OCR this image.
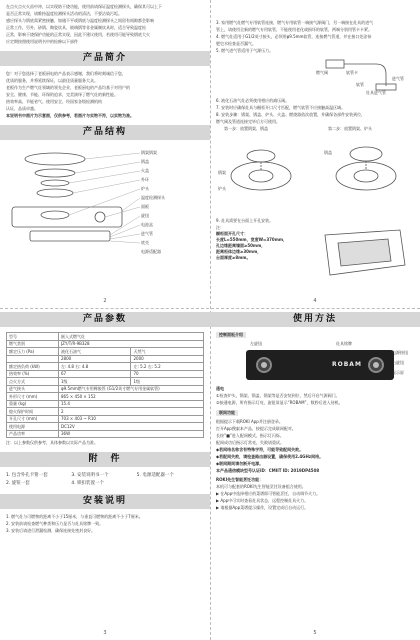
在点火点火火苗中冲，以实现防干烧功能，使用前请保证温度检测探头，确保其可以上下

是否正常实现，请维持温度检测探头活动的清洁，不要沾染污垢。

感应探头与锅底需紧密接触，如遇不平或锅底与温度检测探头之间留有间隙都会影响

正常工作，另外，砂锅、陶瓷炊具、玻璃锅等非金属制炊具时，适合导致温度检

正常，影响干烧保护功能的正常实现，因此不建议使用，若使用可能导致锅底大火

应定期按照使用说明书中的检修以下部件

产品简介

您！对于您选择了老板厨电的产品表示感谢，我们将时刻诚信于您，

优质的服务，并将延续保证，以最佳质量服务大众。

老板作为生产燃气灶领域的领先企业，老板厨电的产品均基于对用户的

安全、健康、节能、环保的追求，完美演绎了燃气灶的新性能。

热效率高、节能省气、使用安全、经国家各级检测机构

认证，品质卓越。

本说明书中图片为示意图，仅供参考，若图片与实物不符，以实物为准。

产品结构
锅架锅架
锅盖
火盖
外环
炉头
温度检测探头
面板
旋钮
电池盒
进气管
底壳
电源适配器
2

3. 家用燃气灶燃气专用软管连接，燃气专用软管一端接气源阀门，另一端接在灶具的进气

管上，请使用全新的燃气专用软管，不能使用老化或损坏的软管，两端分别用管卡卡紧。

4. 燃气灶适用于G1/2英寸接头，必须用φ9.5mm软管，连接燃气管道，并在接口处涂抹

肥皂水检查是否漏气。

5. 燃气进气管适用于气源压力。

燃气阀	软管卡
进气管
软管
灶具进气管

6. 液化石油气灶必须使用相应的减压阀。

7. 安装时应确保灶具与橱柜开口尺寸匹配，燃气软管不应接触高温区域。

8. 安装步骤：锅架、锅盖、炉头、火盖、燃烧器依次放置，并确保各部件安装到位，

燃气阀及管道连接完毕后方可使用。

第一步：放置锅架、锅盖	第二步：放置锅架、炉头
锅架
炉头
锅盖

9. 灶具需要在台面上开孔安装。

注：

橱柜面开孔尺寸：

长度L=550mm，宽度W=370mm，

孔边缘距离墙面≥50mm，

距离柜体边缘≥30mm，

台面厚度≥8mm。

4
产品参数
型号	嵌入式燃气灶	
燃气类别	JZY/T/R-9B328	
额定压力 (Pa)	液化石油气	天然气
	2800	2000
额定热负荷 (kW)	左: 4.8 右: 4.8	左: 5.2 右: 5.2
热效率 (%)	67	70
点火方式	1级	1级
进气接头	φ9.5mm燃气专用橡胶管 (G1/2英寸燃气专用金属软管)	
外形尺寸 (mm)	865 × 450 × 152	
重量 (kg)	15.4	
熄火保护时间	2	
开孔尺寸 (mm)	703 × 403 ~ R10	
使用电源	DC12V	
产品功率	36W	

注：以上参数仅供参考，具体参数以实际产品为准。

附　件
1. 包含外孔卡钳一套	3. 安装说明书一个	5. 电源适配器一个
2. 旋钮一套	4. 锁扣装置一个
安装说明

1. 燃气灶与可燃物的距离不小于15厘米，与垂直可燃物的距离不小于7厘米。

2. 安装前请检查燃气种类和压力是否与灶具铭牌一致。

3. 安装后请进行泄漏检测，确保连接处密封良好。

3
使用方法

控制面板介绍

左旋钮	灶具铭牌
ROBAM
电源按钮
右旋钮
显示屏

通电

①检查炉头、锅架、锅盖、锅架等是否安装到位，然后开启气源阀门。

②接通电源，所有指示灯亮，旋钮屏显示“ROBAM”，数秒后进入待机。

联网功能

根据提示下载ROKI App并注册登录。

打开App搜索本产品，按提示完成联网配对。

长按“■”进入配网模式，指示灯闪烁。

配网成功后指示灯常亮，失败请重试。

◆若网络名称含有特殊字符，可能导致配网失败。

◆若配网失败，请检查路由器设置，确保使用2.4GHz网络。

◆联网期间请勿断开电源。

本产品通信模块型号认证ID：CMIIT ID: 2019DP4508

ROKI先生智能烹饪功能：

本机可与配套的ROKI先生智能烹饪设备组合使用。

▶ 在App中选择相应的菜谱即可智能烹饪，自动调节火力。

▶ App中可实时查看灶具状态，远程控制灶具火力。

▶ 请根据App菜谱提示操作，设置完成后自动运行。

5
